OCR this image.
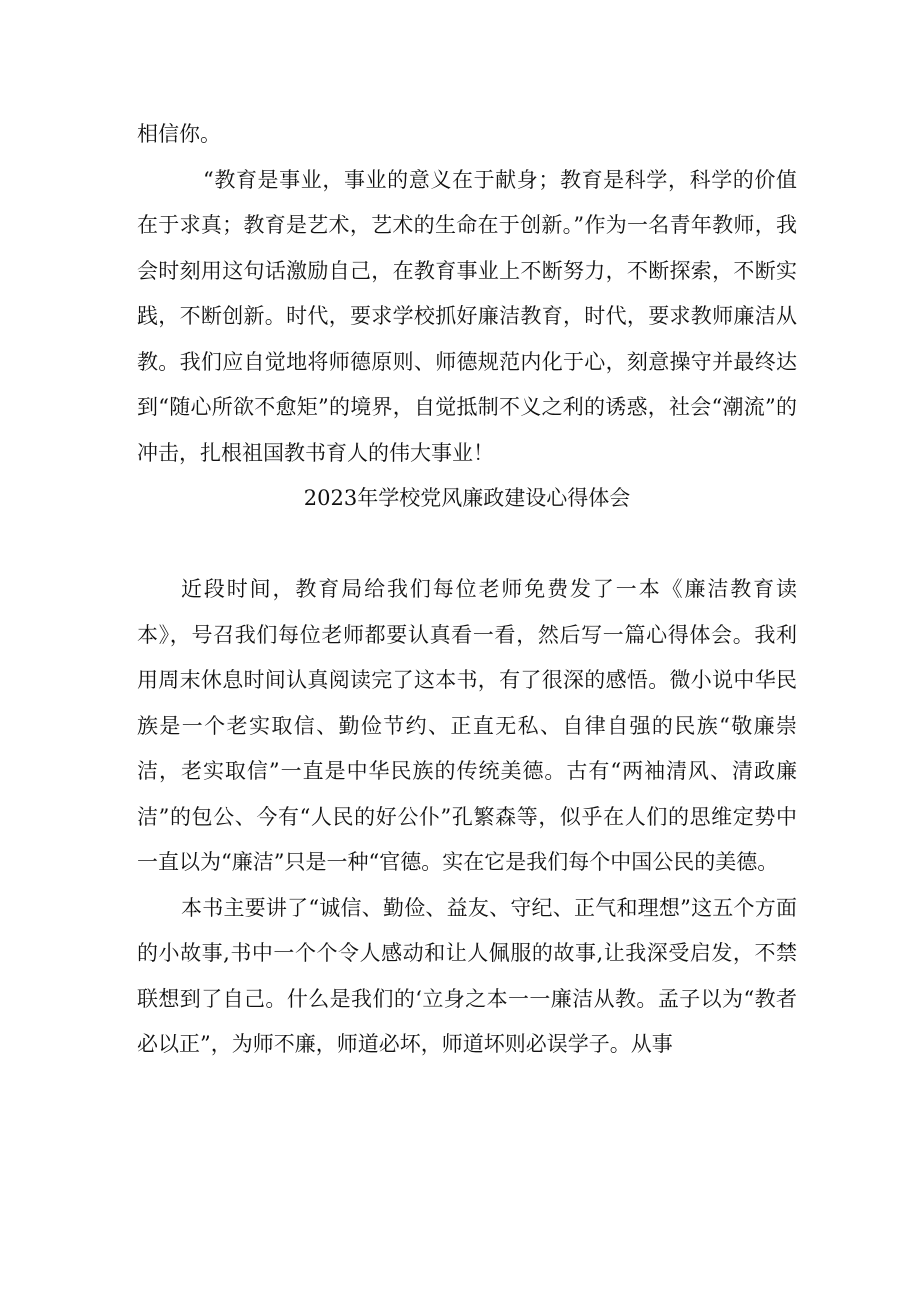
相信你。

“教育是事业，事业的意义在于献身；教育是科学，科学的价值在于求真；教育是艺术，艺术的生命在于创新。”作为一名青年教师，我会时刻用这句话激励自己，在教育事业上不断努力，不断探索，不断实践，不断创新。时代，要求学校抓好廉洁教育，时代，要求教师廉洁从教。我们应自觉地将师德原则、师德规范内化于心，刻意操守并最终达到“随心所欲不愈矩”的境界，自觉抵制不义之利的诱惑，社会“潮流”的冲击，扎根祖国教书育人的伟大事业！

2023年学校党风廉政建设心得体会

近段时间，教育局给我们每位老师免费发了一本《廉洁教育读本》，号召我们每位老师都要认真看一看，然后写一篇心得体会。我利用周末休息时间认真阅读完了这本书，有了很深的感悟。微小说中华民族是一个老实取信、勤俭节约、正直无私、自律自强的民族“敬廉崇洁，老实取信”一直是中华民族的传统美德。古有“两袖清风、清政廉洁”的包公、今有“人民的好公仆”孔繁森等，似乎在人们的思维定势中一直以为“廉洁”只是一种“官德。实在它是我们每个中国公民的美德。

本书主要讲了“诚信、勤俭、益友、守纪、正气和理想”这五个方面的小故事,书中一个个令人感动和让人佩服的故事,让我深受启发，不禁联想到了自己。什么是我们的‘立身之本一一廉洁从教。孟子以为“教者必以正”，为师不廉，师道必坏，师道坏则必误学子。从事
